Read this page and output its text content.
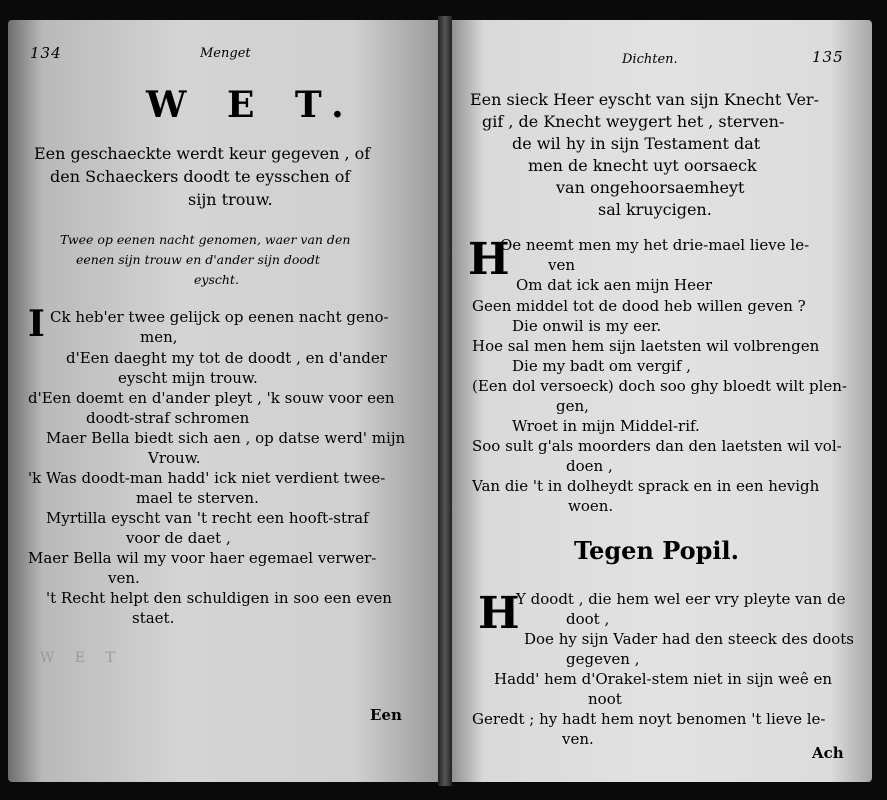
134	Menget
W E T.
Een geschaeckte werdt keur gegeven , of
den Schaeckers doodt te eysschen of
sijn trouw.
Twee op eenen nacht genomen, waer van den
eenen sijn trouw en d'ander sijn doodt
eyscht.
I Ck heb'er twee gelijck op eenen nacht geno-
men,
d'Een daeght my tot de doodt , en d'ander
eyscht mijn trouw.
d'Een doemt en d'ander pleyt , 'k souw voor een
doodt-straf schromen
Maer Bella biedt sich aen , op datse werd' mijn
Vrouw.
'k Was doodt-man hadd' ick niet verdient twee-
mael te sterven.
Myrtilla eyscht van 't recht een hooft-straf
voor de daet ,
Maer Bella wil my voor haer egemael verwer-
ven.
't Recht helpt den schuldigen in soo een even
staet.
W E T
Een
Dichten.	135
Een sieck Heer eyscht van sijn Knecht Ver-
gif , de Knecht weygert het , sterven-
de wil hy in sijn Testament dat
men de knecht uyt oorsaeck
van ongehoorsaemheyt
sal kruycigen.
H
Oe neemt men my het drie-mael lieve le-
ven
Om dat ick aen mijn Heer
Geen middel tot de dood heb willen geven ?
Die onwil is my eer.
Hoe sal men hem sijn laetsten wil volbrengen
Die my badt om vergif ,
(Een dol versoeck) doch soo ghy bloedt wilt plen-
gen,
Wroet in mijn Middel-rif.
Soo sult g'als moorders dan den laetsten wil vol-
doen ,
Van die 't in dolheydt sprack en in een hevigh
woen.
Tegen Popil.
H
Y doodt , die hem wel eer vry pleyte van de
doot ,
Doe hy sijn Vader had den steeck des doots
gegeven ,
Hadd' hem d'Orakel-stem niet in sijn weê en
noot
Geredt ; hy hadt hem noyt benomen 't lieve le-
ven.
Ach
